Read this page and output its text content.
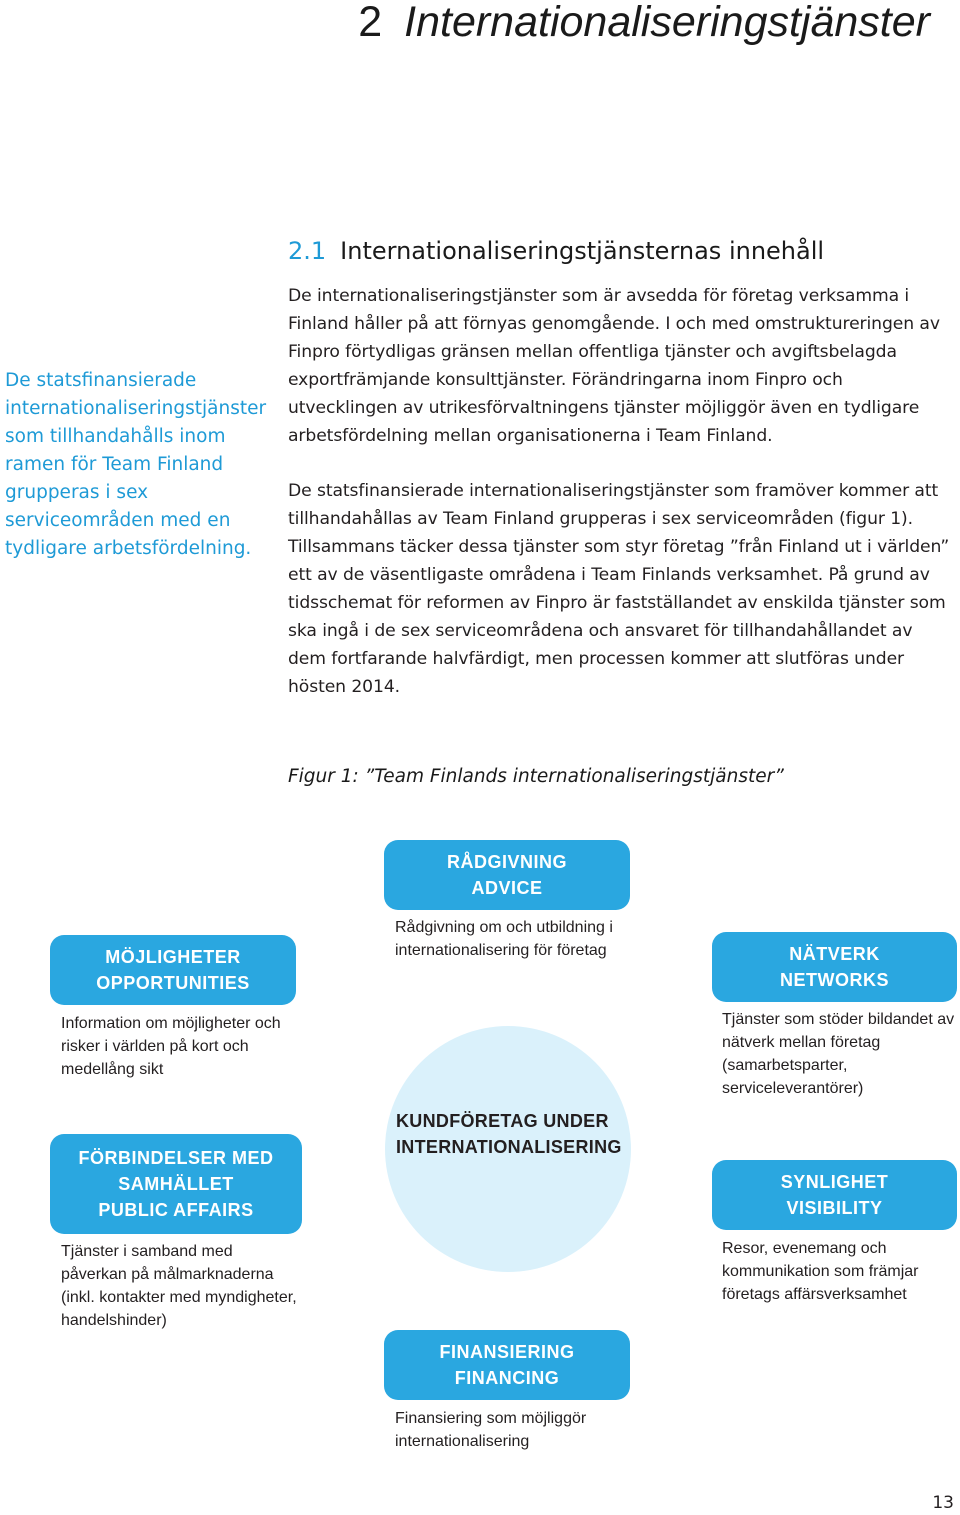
2 Internationaliseringstjänster
De statsfinansierade internationaliseringstjänster som tillhandahålls inom ramen för Team Finland grupperas i sex serviceområden med en tydligare arbetsfördelning.
2.1 Internationaliseringstjänsternas innehåll
De internationaliseringstjänster som är avsedda för företag verksamma i Finland håller på att förnyas genomgående. I och med omstruktureringen av Finpro förtydligas gränsen mellan offentliga tjänster och avgiftsbelagda exportfrämjande konsulttjänster. Förändringarna inom Finpro och utvecklingen av utrikesförvaltningens tjänster möjliggör även en tydligare arbetsfördelning mellan organisationerna i Team Finland.
De statsfinansierade internationaliseringstjänster som framöver kommer att tillhandahållas av Team Finland grupperas i sex serviceområden (figur 1). Tillsammans täcker dessa tjänster som styr företag ”från Finland ut i världen” ett av de väsentligaste områdena i Team Finlands verksamhet. På grund av tidsschemat för reformen av Finpro är fastställandet av enskilda tjänster som ska ingå i de sex serviceområdena och ansvaret för tillhandahållandet av dem fortfarande halvfärdigt, men processen kommer att slutföras under hösten 2014.
Figur 1: ”Team Finlands internationaliseringstjänster”
KUNDFÖRETAG UNDER INTERNATIONALISERING
RÅDGIVNING
ADVICE
Rådgivning om och utbildning i internationalisering för företag
MÖJLIGHETER
OPPORTUNITIES
Information om möjligheter och risker i världen på kort och medellång sikt
NÄTVERK
NETWORKS
Tjänster som stöder bildandet av nätverk mellan företag (samarbetsparter, serviceleverantörer)
FÖRBINDELSER MED
SAMHÄLLET
PUBLIC AFFAIRS
Tjänster i samband med påverkan på målmarknaderna (inkl. kontakter med myndigheter, handelshinder)
SYNLIGHET
VISIBILITY
Resor, evenemang och kommunikation som främjar företags affärsverksamhet
FINANSIERING
FINANCING
Finansiering som möjliggör internationalisering
13
